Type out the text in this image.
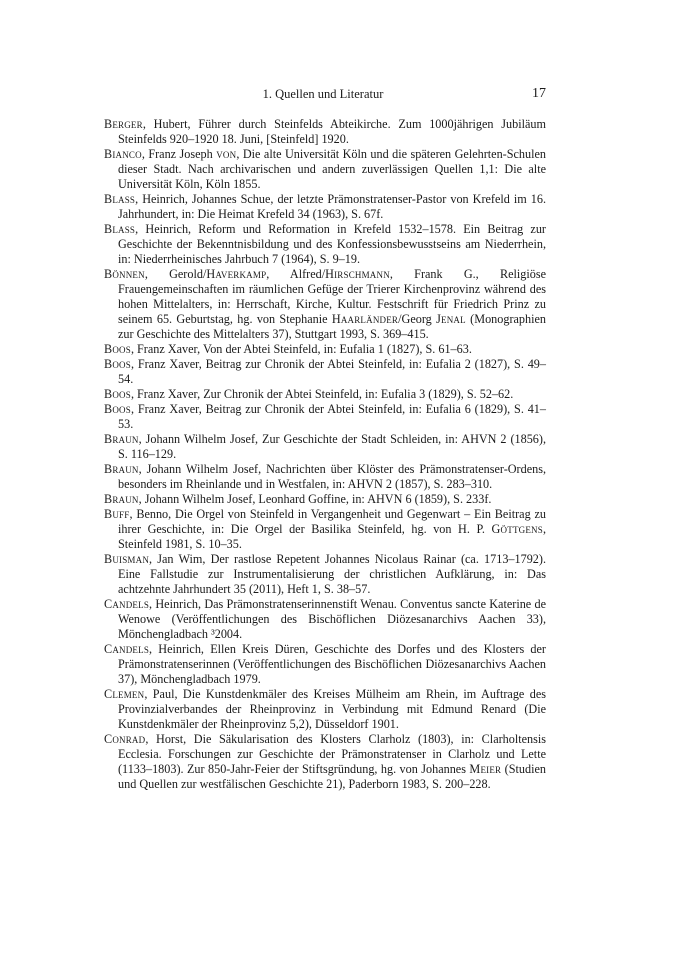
1. Quellen und Literatur	17
Berger, Hubert, Führer durch Steinfelds Abteikirche. Zum 1000jährigen Jubiläum Steinfelds 920–1920 18. Juni, [Steinfeld] 1920.
Bianco, Franz Joseph von, Die alte Universität Köln und die späteren Gelehrten-Schulen dieser Stadt. Nach archivarischen und andern zuverlässigen Quellen 1,1: Die alte Universität Köln, Köln 1855.
Blass, Heinrich, Johannes Schue, der letzte Prämonstratenser-Pastor von Krefeld im 16. Jahrhundert, in: Die Heimat Krefeld 34 (1963), S. 67f.
Blass, Heinrich, Reform und Reformation in Krefeld 1532–1578. Ein Beitrag zur Geschichte der Bekenntnisbildung und des Konfessionsbewusstseins am Niederrhein, in: Niederrheinisches Jahrbuch 7 (1964), S. 9–19.
Bönnen, Gerold/Haverkamp, Alfred/Hirschmann, Frank G., Religiöse Frauengemeinschaften im räumlichen Gefüge der Trierer Kirchenprovinz während des hohen Mittelalters, in: Herrschaft, Kirche, Kultur. Festschrift für Friedrich Prinz zu seinem 65. Geburtstag, hg. von Stephanie Haarländer/Georg Jenal (Monographien zur Geschichte des Mittelalters 37), Stuttgart 1993, S. 369–415.
Boos, Franz Xaver, Von der Abtei Steinfeld, in: Eufalia 1 (1827), S. 61–63.
Boos, Franz Xaver, Beitrag zur Chronik der Abtei Steinfeld, in: Eufalia 2 (1827), S. 49–54.
Boos, Franz Xaver, Zur Chronik der Abtei Steinfeld, in: Eufalia 3 (1829), S. 52–62.
Boos, Franz Xaver, Beitrag zur Chronik der Abtei Steinfeld, in: Eufalia 6 (1829), S. 41–53.
Braun, Johann Wilhelm Josef, Zur Geschichte der Stadt Schleiden, in: AHVN 2 (1856), S. 116–129.
Braun, Johann Wilhelm Josef, Nachrichten über Klöster des Prämonstratenser-Ordens, besonders im Rheinlande und in Westfalen, in: AHVN 2 (1857), S. 283–310.
Braun, Johann Wilhelm Josef, Leonhard Goffine, in: AHVN 6 (1859), S. 233f.
Buff, Benno, Die Orgel von Steinfeld in Vergangenheit und Gegenwart – Ein Beitrag zu ihrer Geschichte, in: Die Orgel der Basilika Steinfeld, hg. von H. P. Göttgens, Steinfeld 1981, S. 10–35.
Buisman, Jan Wim, Der rastlose Repetent Johannes Nicolaus Rainar (ca. 1713–1792). Eine Fallstudie zur Instrumentalisierung der christlichen Aufklärung, in: Das achtzehnte Jahrhundert 35 (2011), Heft 1, S. 38–57.
Candels, Heinrich, Das Prämonstratenserinnenstift Wenau. Conventus sancte Katerine de Wenowe (Veröffentlichungen des Bischöflichen Diözesanarchivs Aachen 33), Mönchengladbach ³2004.
Candels, Heinrich, Ellen Kreis Düren, Geschichte des Dorfes und des Klosters der Prämonstratenserinnen (Veröffentlichungen des Bischöflichen Diözesanarchivs Aachen 37), Mönchengladbach 1979.
Clemen, Paul, Die Kunstdenkmäler des Kreises Mülheim am Rhein, im Auftrage des Provinzialverbandes der Rheinprovinz in Verbindung mit Edmund Renard (Die Kunstdenkmäler der Rheinprovinz 5,2), Düsseldorf 1901.
Conrad, Horst, Die Säkularisation des Klosters Clarholz (1803), in: Clarholtensis Ecclesia. Forschungen zur Geschichte der Prämonstratenser in Clarholz und Lette (1133–1803). Zur 850-Jahr-Feier der Stiftsgründung, hg. von Johannes Meier (Studien und Quellen zur westfälischen Geschichte 21), Paderborn 1983, S. 200–228.
